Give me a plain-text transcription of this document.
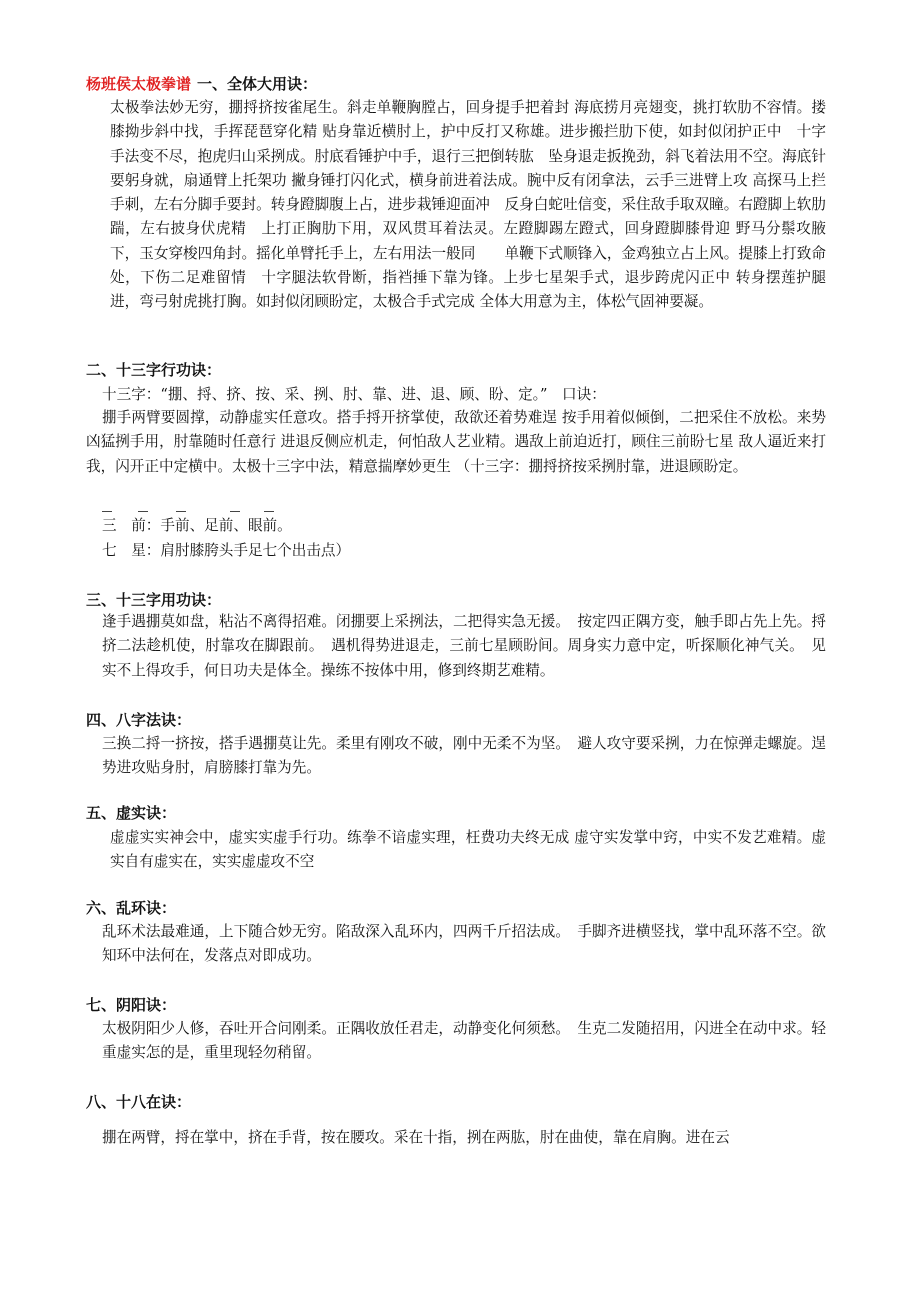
杨班侯太极拳谱 一、全体大用诀：

太极拳法妙无穷，掤捋挤按雀尾生。斜走单鞭胸膛占，回身提手把着封 海底捞月亮翅变，挑打软肋不容情。搂膝拗步斜中找，手挥琵琶穿化精 贴身靠近横肘上，护中反打又称雄。进步搬拦肋下使，如封似闭护正中　十字手法变不尽，抱虎归山采挒成。肘底看锤护中手，退行三把倒转肱　坠身退走扳挽劲，斜飞着法用不空。海底针要躬身就，扇通臂上托架功 撇身锤打闪化式，横身前进着法成。腕中反有闭拿法，云手三进臂上攻 高探马上拦手刺，左右分脚手要封。转身蹬脚腹上占，进步栽锤迎面冲　反身白蛇吐信变，采住敌手取双瞳。右蹬脚上软肋踹，左右披身伏虎精　上打正胸肋下用，双风贯耳着法灵。左蹬脚踢左蹬式，回身蹬脚膝骨迎 野马分鬃攻腋下，玉女穿梭四角封。摇化单臂托手上，左右用法一般同　　单鞭下式顺锋入，金鸡独立占上风。提膝上打致命处，下伤二足难留情　十字腿法软骨断，指裆捶下靠为锋。上步七星架手式，退步跨虎闪正中 转身摆莲护腿进，弯弓射虎挑打胸。如封似闭顾盼定，太极合手式完成 全体大用意为主，体松气固神要凝。

二、十三字行功诀：
十三字：“掤、捋、挤、按、采、挒、肘、靠、进、退、顾、盼、定。”　口诀：

掤手两臂要圆撑，动静虚实任意攻。搭手捋开挤掌使，敌欲还着势难逞 按手用着似倾倒，二把采住不放松。来势凶猛挒手用，肘靠随时任意行 进退反侧应机走，何怕敌人艺业精。遇敌上前迫近打，顾住三前盼七星 敌人逼近来打我，闪开正中定横中。太极十三字中法，精意揣摩妙更生 （十三字：掤捋挤按采挒肘靠，进退顾盼定。

三　前：手前、足前、眼前。
七　星：肩肘膝胯头手足七个出击点）
三、十三字用功诀：

逢手遇掤莫如盘，粘沾不离得招难。闭掤要上采挒法，二把得实急无援。　按定四正隅方变，触手即占先上先。捋挤二法趁机使，肘靠攻在脚跟前。　遇机得势进退走，三前七星顾盼间。周身实力意中定，听探顺化神气关。　见实不上得攻手，何日功夫是体全。操练不按体中用，修到终期艺难精。

四、八字法诀：

三换二捋一挤按，搭手遇掤莫让先。柔里有刚攻不破，刚中无柔不为坚。　避人攻守要采挒，力在惊弹走螺旋。逞势进攻贴身肘，肩膀膝打靠为先。

五、虚实诀：

虚虚实实神会中，虚实实虚手行功。练拳不谙虚实理，枉费功夫终无成 虚守实发掌中窍，中实不发艺难精。虚实自有虚实在，实实虚虚攻不空

六、乱环诀：

乱环术法最难通，上下随合妙无穷。陷敌深入乱环内，四两千斤招法成。　手脚齐进横竖找，掌中乱环落不空。欲知环中法何在，发落点对即成功。

七、阴阳诀：

太极阴阳少人修，吞吐开合问刚柔。正隅收放任君走，动静变化何须愁。　生克二发随招用，闪进全在动中求。轻重虚实怎的是，重里现轻勿稍留。

八、十八在诀：

掤在两臂，捋在掌中，挤在手背，按在腰攻。采在十指，挒在两肱，肘在曲使，靠在肩胸。进在云
